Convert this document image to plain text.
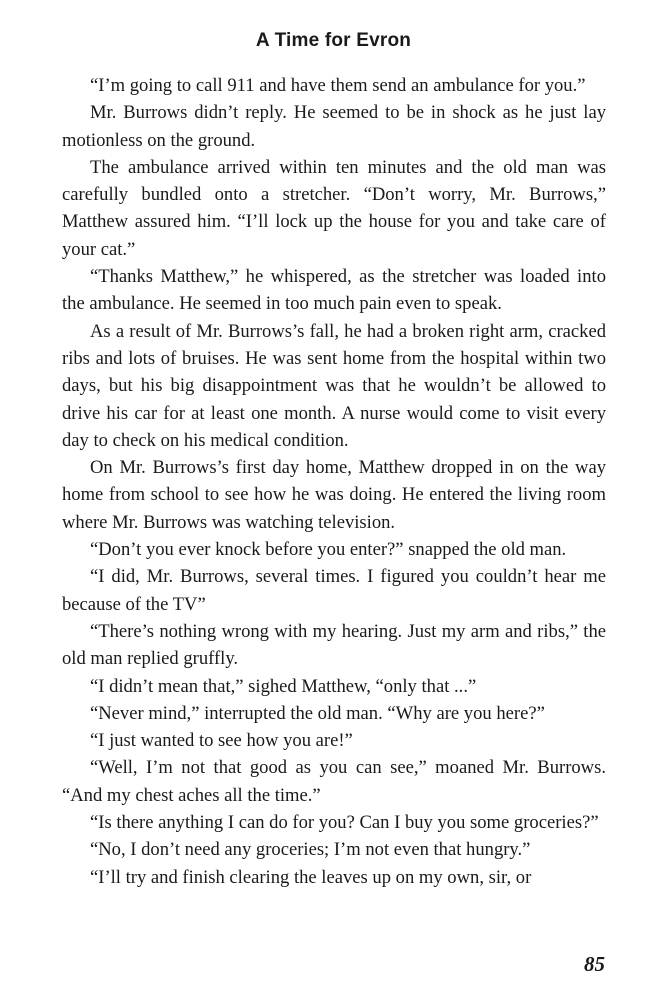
A Time for Evron

“I’m going to call 911 and have them send an ambulance for you.”

Mr. Burrows didn’t reply. He seemed to be in shock as he just lay motionless on the ground.

The ambulance arrived within ten minutes and the old man was carefully bundled onto a stretcher. “Don’t worry, Mr. Burrows,” Matthew assured him. “I’ll lock up the house for you and take care of your cat.”

“Thanks Matthew,” he whispered, as the stretcher was loaded into the ambulance. He seemed in too much pain even to speak.

As a result of Mr. Burrows’s fall, he had a broken right arm, cracked ribs and lots of bruises. He was sent home from the hospital within two days, but his big disappointment was that he wouldn’t be allowed to drive his car for at least one month. A nurse would come to visit every day to check on his medical condition.

On Mr. Burrows’s first day home, Matthew dropped in on the way home from school to see how he was doing. He entered the living room where Mr. Burrows was watching television.

“Don’t you ever knock before you enter?” snapped the old man.

“I did, Mr. Burrows, several times. I figured you couldn’t hear me because of the TV”

“There’s nothing wrong with my hearing. Just my arm and ribs,” the old man replied gruffly.

“I didn’t mean that,” sighed Matthew, “only that ...”

“Never mind,” interrupted the old man. “Why are you here?”

“I just wanted to see how you are!”

“Well, I’m not that good as you can see,” moaned Mr. Burrows. “And my chest aches all the time.”

“Is there anything I can do for you? Can I buy you some groceries?”

“No, I don’t need any groceries; I’m not even that hungry.”

“I’ll try and finish clearing the leaves up on my own, sir, or

85
